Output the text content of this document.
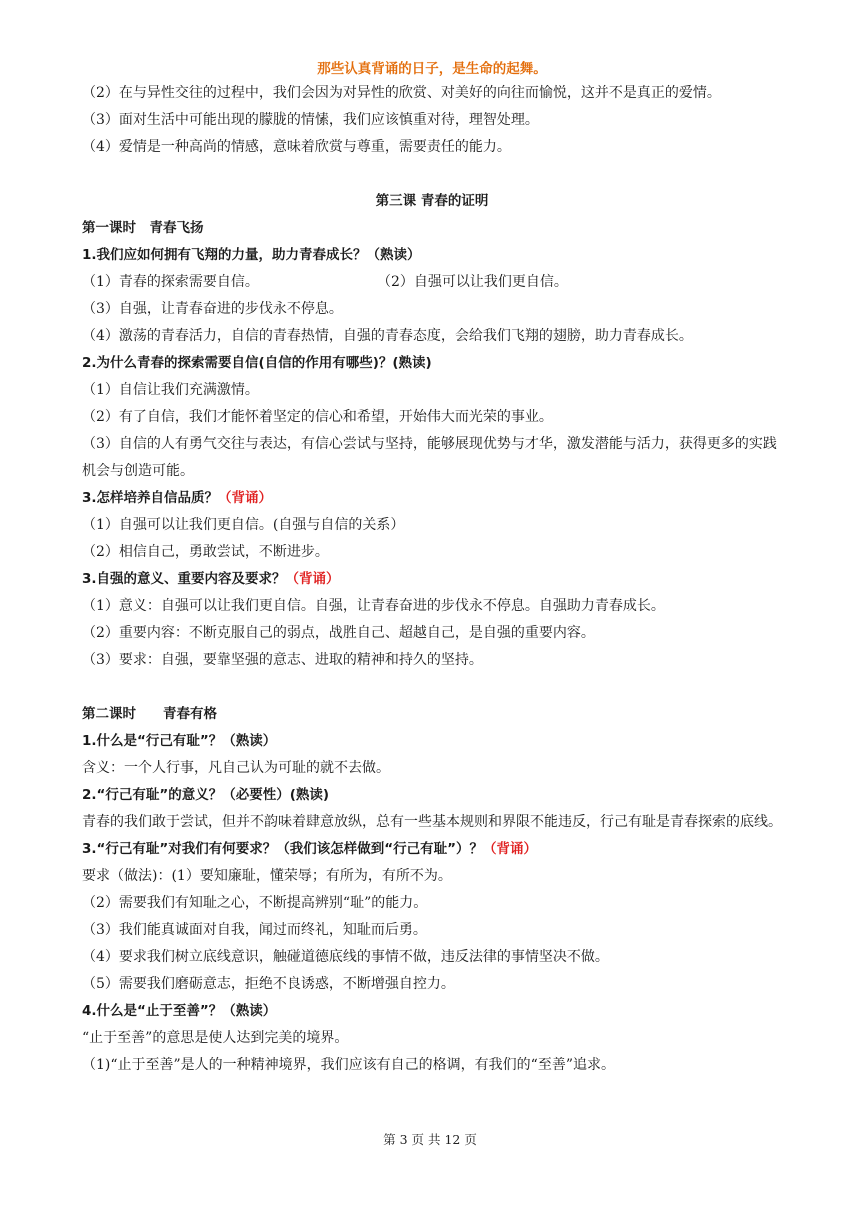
那些认真背诵的日子，是生命的起舞。
（2）在与异性交往的过程中，我们会因为对异性的欣赏、对美好的向往而愉悦，这并不是真正的爱情。
（3）面对生活中可能出现的朦胧的情愫，我们应该慎重对待，理智处理。
（4）爱情是一种高尚的情感，意味着欣赏与尊重，需要责任的能力。
第三课 青春的证明
第一课时　青春飞扬
1.我们应如何拥有飞翔的力量，助力青春成长？（熟读）
（1）青春的探索需要自信。	（2）自强可以让我们更自信。
（3）自强，让青春奋进的步伐永不停息。
（4）激荡的青春活力，自信的青春热情，自强的青春态度，会给我们飞翔的翅膀，助力青春成长。
2.为什么青春的探索需要自信(自信的作用有哪些)？(熟读)
（1）自信让我们充满激情。
（2）有了自信，我们才能怀着坚定的信心和希望，开始伟大而光荣的事业。
（3）自信的人有勇气交往与表达，有信心尝试与坚持，能够展现优势与才华，激发潜能与活力，获得更多的实践机会与创造可能。
3.怎样培养自信品质？（背诵）
（1）自强可以让我们更自信。(自强与自信的关系）
（2）相信自己，勇敢尝试，不断进步。
3.自强的意义、重要内容及要求？（背诵）
（1）意义：自强可以让我们更自信。自强，让青春奋进的步伐永不停息。自强助力青春成长。
（2）重要内容：不断克服自己的弱点，战胜自己、超越自己，是自强的重要内容。
（3）要求：自强，要靠坚强的意志、进取的精神和持久的坚持。
第二课时　　青春有格
1.什么是“行己有耻”？（熟读）
含义：一个人行事，凡自己认为可耻的就不去做。
2.“行己有耻”的意义？（必要性）(熟读)
青春的我们敢于尝试，但并不韵味着肆意放纵，总有一些基本规则和界限不能违反，行己有耻是青春探索的底线。
3.“行己有耻”对我们有何要求？（我们该怎样做到“行己有耻”）？（背诵）
要求（做法)：(1）要知廉耻，懂荣辱；有所为，有所不为。
（2）需要我们有知耻之心，不断提高辨别“耻”的能力。
（3）我们能真诚面对自我，闻过而终礼，知耻而后勇。
（4）要求我们树立底线意识，触碰道德底线的事情不做，违反法律的事情坚决不做。
（5）需要我们磨砺意志，拒绝不良诱惑，不断增强自控力。
4.什么是“止于至善”？（熟读）
“止于至善”的意思是使人达到完美的境界。
（1)“止于至善”是人的一种精神境界，我们应该有自己的格调，有我们的“至善”追求。
第 3 页 共 12 页
